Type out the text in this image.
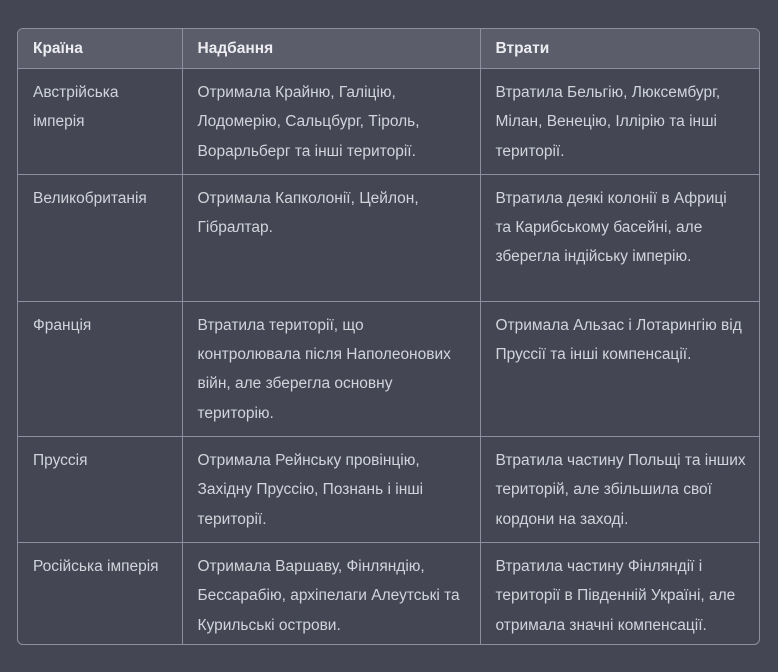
Країна	Надбання	Втрати
Австрійська імперія	Отримала Крайню, Галіцію, Лодомерію, Сальцбург, Тіроль, Ворарльберг та інші території.	Втратила Бельгію, Люксембург, Мілан, Венецію, Іллірію та інші території.
Великобританія	Отримала Капколонії, Цейлон, Гібралтар.	Втратила деякі колонії в Африці та Карибському басейні, але зберегла індійську імперію.
Франція	Втратила території, що контролювала після Наполеонових війн, але зберегла основну територію.	Отримала Альзас і Лотарингію від Пруссії та інші компенсації.
Пруссія	Отримала Рейнську провінцію, Західну Пруссію, Познань і інші території.	Втратила частину Польщі та інших територій, але збільшила свої кордони на заході.
Російська імперія	Отримала Варшаву, Фінляндію, Бессарабію, архіпелаги Алеутські та Курильські острови.	Втратила частину Фінляндії і території в Південній Україні, але отримала значні компенсації.
